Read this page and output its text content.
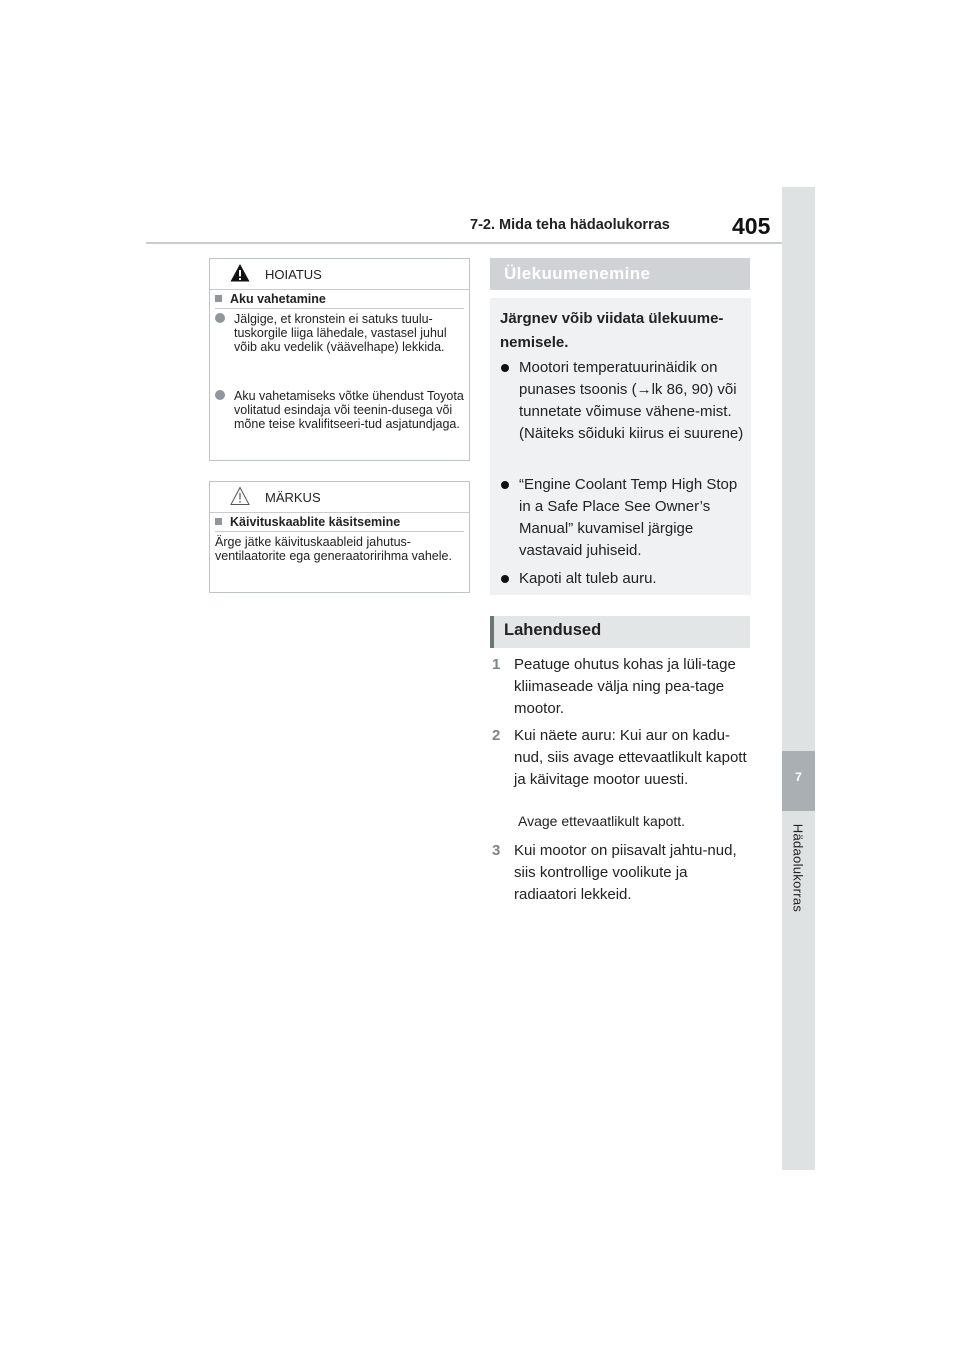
7-2. Mida teha hädaolukorras	405
7
Hädaolukorras
HOIATUS
Aku vahetamine
Jälgige, et kronstein ei satuks tuulu-tuskorgile liiga lähedale, vastasel juhul võib aku vedelik (väävelhape) lekkida.
Aku vahetamiseks võtke ühendust Toyota volitatud esindaja või teenin-dusega või mõne teise kvalifitseeri-tud asjatundjaga.
MÄRKUS
Käivituskaablite käsitsemine
Ärge jätke käivituskaableid jahutus-ventilaatorite ega generaatoririhma vahele.
Ülekuumenemine
Järgnev võib viidata ülekuume-nemisele.
Mootori temperatuurinäidik on punases tsoonis (→lk 86, 90) või tunnetate võimuse vähene-mist. (Näiteks sõiduki kiirus ei suurene)
“Engine Coolant Temp High Stop in a Safe Place See Owner’s Manual” kuvamisel järgige vastavaid juhiseid.
Kapoti alt tuleb auru.
Lahendused
1 Peatuge ohutus kohas ja lüli-tage kliimaseade välja ning pea-tage mootor.
2 Kui näete auru: Kui aur on kadu-nud, siis avage ettevaatlikult kapott ja käivitage mootor uuesti.
Avage ettevaatlikult kapott.
3 Kui mootor on piisavalt jahtu-nud, siis kontrollige voolikute ja radiaatori lekkeid.
